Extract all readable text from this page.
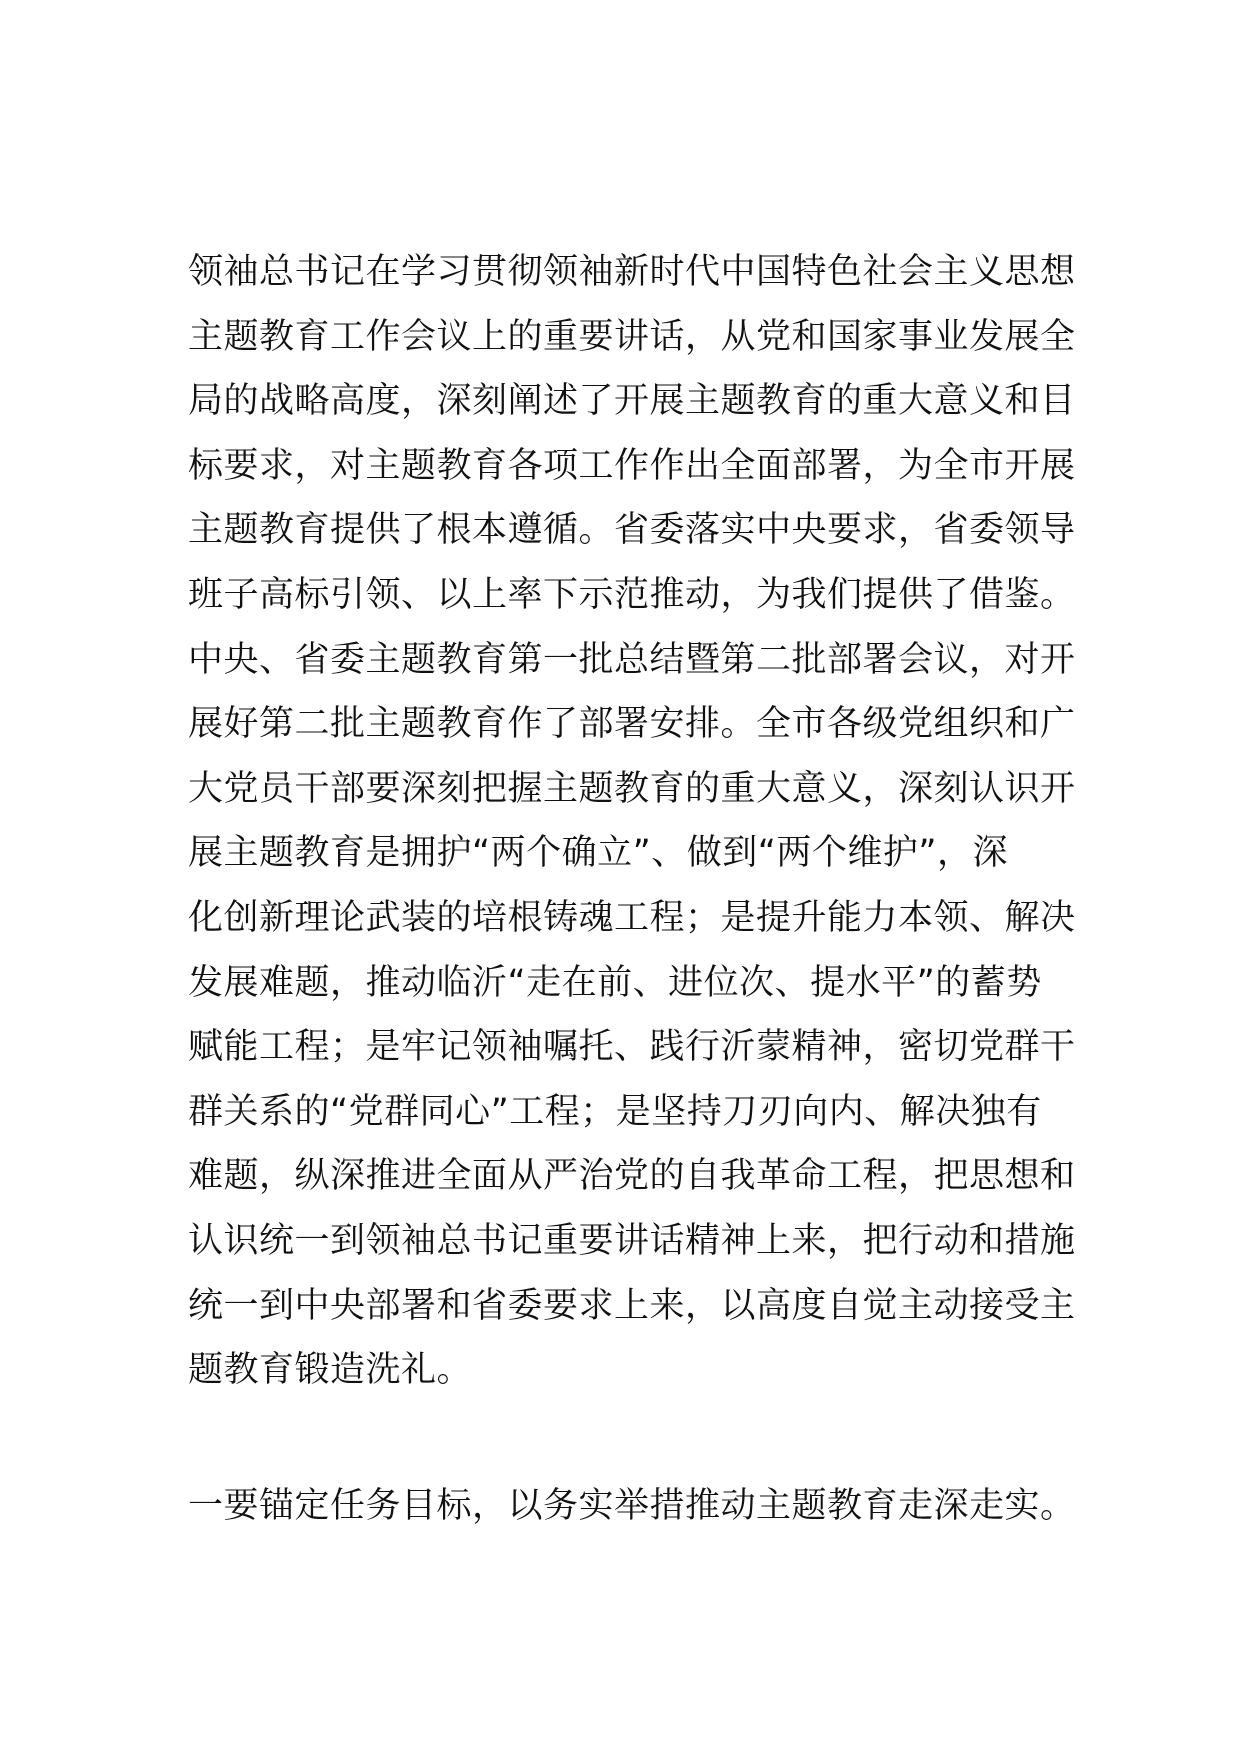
领袖总书记在学习贯彻领袖新时代中国特色社会主义思想
主题教育工作会议上的重要讲话，从党和国家事业发展全
局的战略高度，深刻阐述了开展主题教育的重大意义和目
标要求，对主题教育各项工作作出全面部署，为全市开展
主题教育提供了根本遵循。省委落实中央要求，省委领导
班子高标引领、以上率下示范推动，为我们提供了借鉴。
中央、省委主题教育第一批总结暨第二批部署会议，对开
展好第二批主题教育作了部署安排。全市各级党组织和广
大党员干部要深刻把握主题教育的重大意义，深刻认识开
展主题教育是拥护“两个确立”、做到“两个维护”，深
化创新理论武装的培根铸魂工程；是提升能力本领、解决
发展难题，推动临沂“走在前、进位次、提水平”的蓄势
赋能工程；是牢记领袖嘱托、践行沂蒙精神，密切党群干
群关系的“党群同心”工程；是坚持刀刃向内、解决独有
难题，纵深推进全面从严治党的自我革命工程，把思想和
认识统一到领袖总书记重要讲话精神上来，把行动和措施
统一到中央部署和省委要求上来，以高度自觉主动接受主
题教育锻造洗礼。
一要锚定任务目标，以务实举措推动主题教育走深走实。
